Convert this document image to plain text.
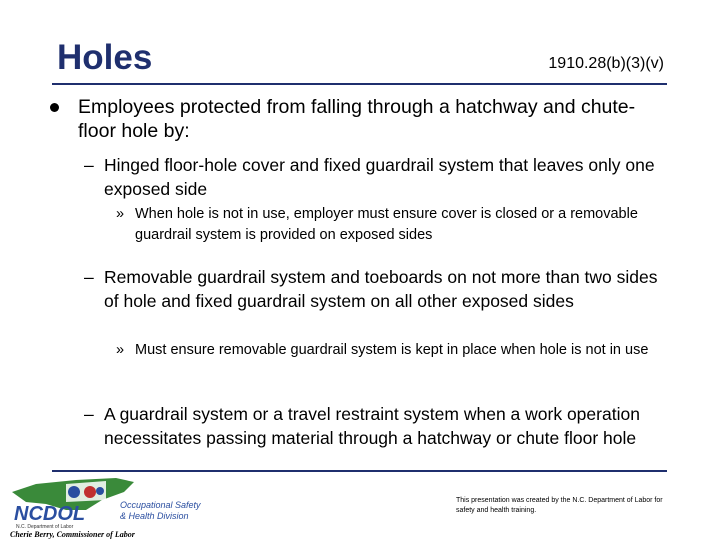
Holes	1910.28(b)(3)(v)
Employees protected from falling through a hatchway and chute-floor hole by:
– Hinged floor-hole cover and fixed guardrail system that leaves only one exposed side
» When hole is not in use, employer must ensure cover is closed or a removable guardrail system is provided on exposed sides
– Removable guardrail system and toeboards on not more than two sides of hole and fixed guardrail system on all other exposed sides
» Must ensure removable guardrail system is kept in place when hole is not in use
– A guardrail system or a travel restraint system when a work operation necessitates passing material through a hatchway or chute floor hole
NCDOL
N.C. Department of Labor
Occupational Safety
& Health Division
Cherie Berry, Commissioner of Labor
This presentation was created by the N.C. Department of Labor for safety and health training.
